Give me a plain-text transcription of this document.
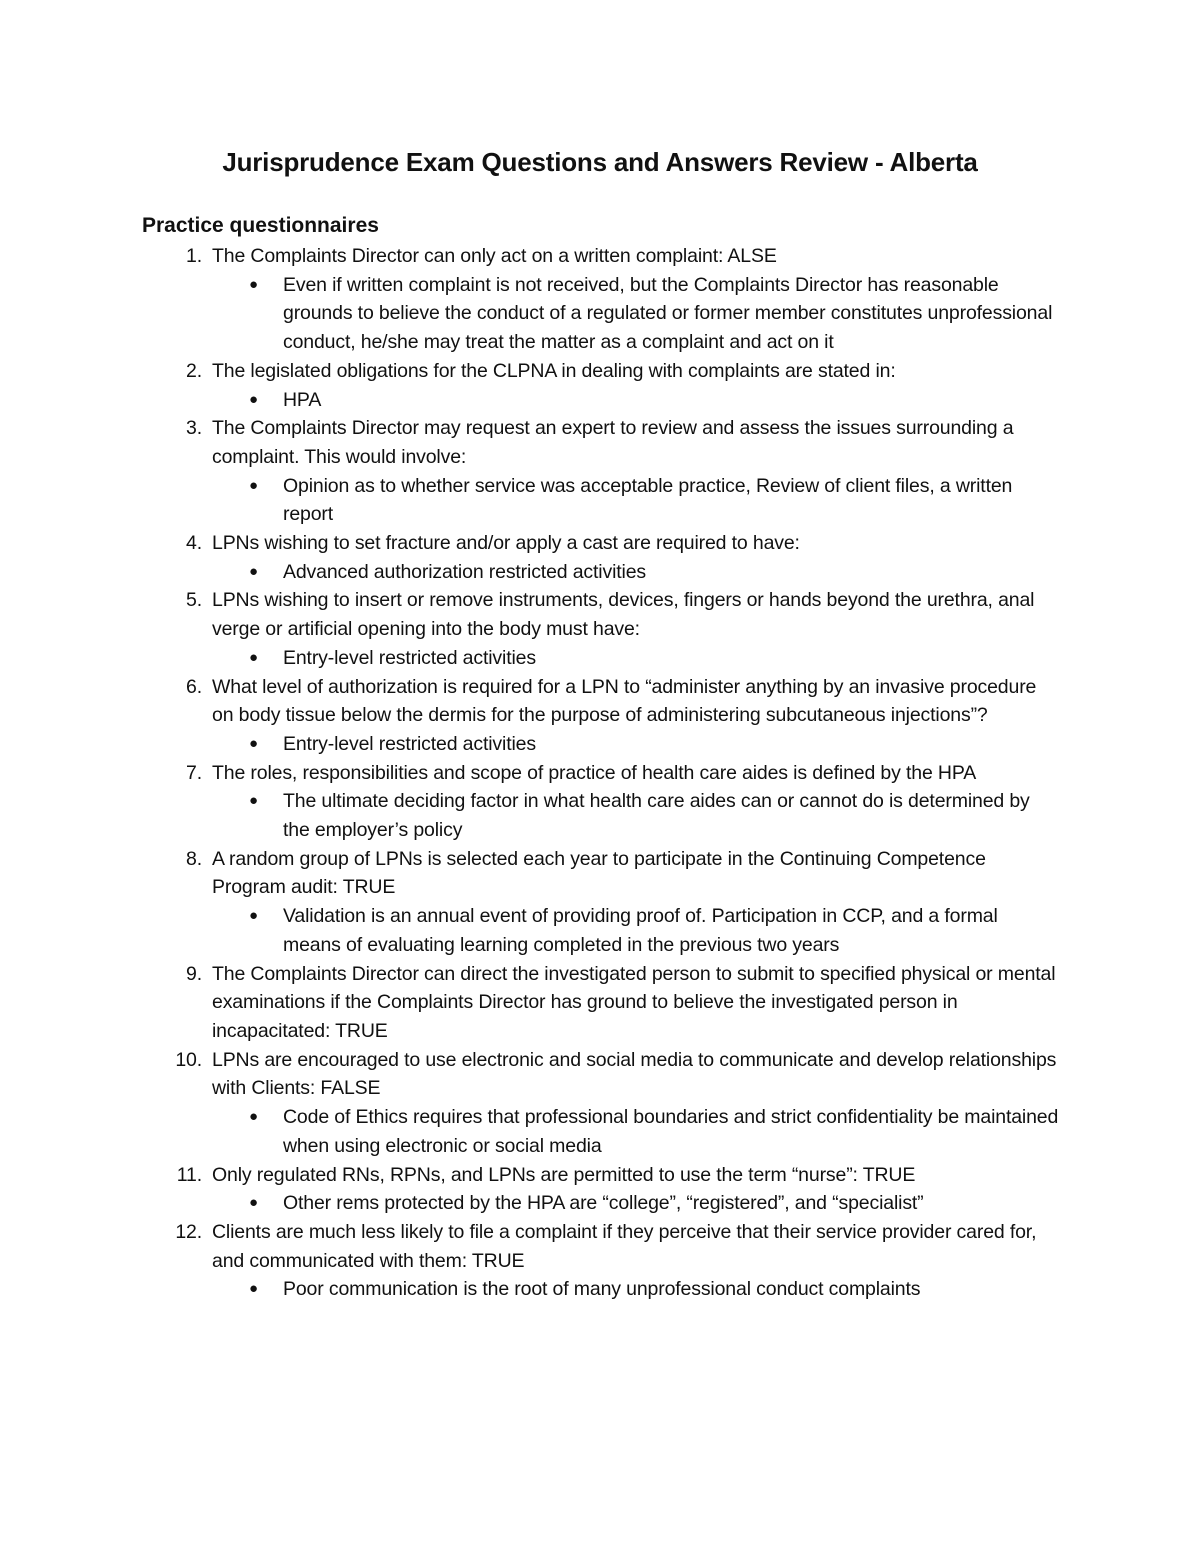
Jurisprudence Exam Questions and Answers Review - Alberta
Practice questionnaires
1. The Complaints Director can only act on a written complaint: ALSE
● Even if written complaint is not received, but the Complaints Director has reasonable grounds to believe the conduct of a regulated or former member constitutes unprofessional conduct, he/she may treat the matter as a complaint and act on it
2. The legislated obligations for the CLPNA in dealing with complaints are stated in:
● HPA
3. The Complaints Director may request an expert to review and assess the issues surrounding a complaint. This would involve:
● Opinion as to whether service was acceptable practice, Review of client files, a written report
4. LPNs wishing to set fracture and/or apply a cast are required to have:
● Advanced authorization restricted activities
5. LPNs wishing to insert or remove instruments, devices, fingers or hands beyond the urethra, anal verge or artificial opening into the body must have:
● Entry-level restricted activities
6. What level of authorization is required for a LPN to “administer anything by an invasive procedure on body tissue below the dermis for the purpose of administering subcutaneous injections”?
● Entry-level restricted activities
7. The roles, responsibilities and scope of practice of health care aides is defined by the HPA
● The ultimate deciding factor in what health care aides can or cannot do is determined by the employer’s policy
8. A random group of LPNs is selected each year to participate in the Continuing Competence Program audit: TRUE
● Validation is an annual event of providing proof of. Participation in CCP, and a formal means of evaluating learning completed in the previous two years
9. The Complaints Director can direct the investigated person to submit to specified physical or mental examinations if the Complaints Director has ground to believe the investigated person in incapacitated: TRUE
10. LPNs are encouraged to use electronic and social media to communicate and develop relationships with Clients: FALSE
● Code of Ethics requires that professional boundaries and strict confidentiality be maintained when using electronic or social media
11. Only regulated RNs, RPNs, and LPNs are permitted to use the term “nurse”: TRUE
● Other rems protected by the HPA are “college”, “registered”, and “specialist”
12. Clients are much less likely to file a complaint if they perceive that their service provider cared for, and communicated with them: TRUE
● Poor communication is the root of many unprofessional conduct complaints
